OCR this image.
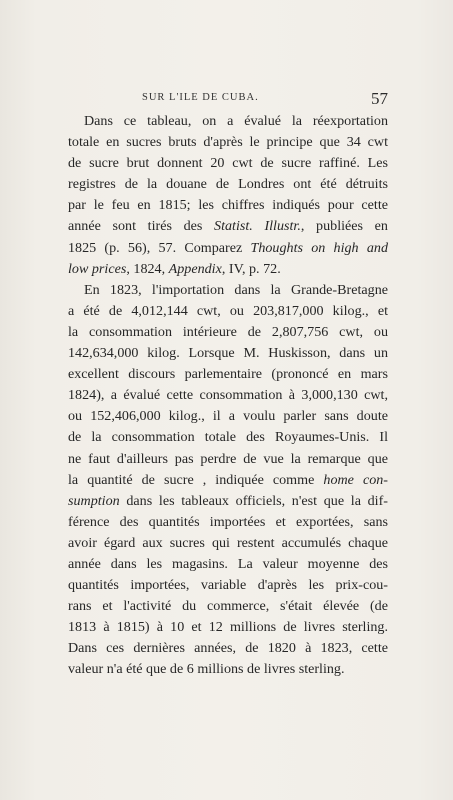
SUR L'ILE DE CUBA.	57
Dans ce tableau, on a évalué la réexportation
totale en sucres bruts d'après le principe que 34 cwt
de sucre brut donnent 20 cwt de sucre raffiné. Les
registres de la douane de Londres ont été détruits
par le feu en 1815; les chiffres indiqués pour cette
année sont tirés des Statist. Illustr., publiées en
1825 (p. 56), 57. Comparez Thoughts on high and
low prices, 1824, Appendix, IV, p. 72.
En 1823, l'importation dans la Grande-Bretagne
a été de 4,012,144 cwt, ou 203,817,000 kilog., et
la consommation intérieure de 2,807,756 cwt, ou
142,634,000 kilog. Lorsque M. Huskisson, dans un
excellent discours parlementaire (prononcé en mars
1824), a évalué cette consommation à 3,000,130 cwt,
ou 152,406,000 kilog., il a voulu parler sans doute
de la consommation totale des Royaumes-Unis. Il
ne faut d'ailleurs pas perdre de vue la remarque que
la quantité de sucre , indiquée comme home con-
sumption dans les tableaux officiels, n'est que la dif-
férence des quantités importées et exportées, sans
avoir égard aux sucres qui restent accumulés chaque
année dans les magasins. La valeur moyenne des
quantités importées, variable d'après les prix-cou-
rans et l'activité du commerce, s'était élevée (de
1813 à 1815) à 10 et 12 millions de livres sterling.
Dans ces dernières années, de 1820 à 1823, cette
valeur n'a été que de 6 millions de livres sterling.
